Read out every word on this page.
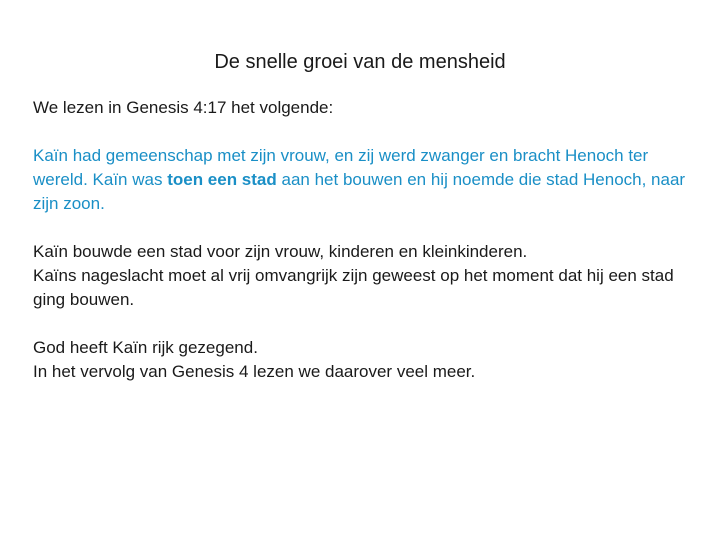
De snelle groei van de mensheid

We lezen in Genesis 4:17 het volgende:

Kaïn had gemeenschap met zijn vrouw, en zij werd zwanger en bracht Henoch ter wereld. Kaïn was toen een stad aan het bouwen en hij noemde die stad Henoch, naar zijn zoon.

Kaïn bouwde een stad voor zijn vrouw, kinderen en kleinkinderen.

Kaïns nageslacht moet al vrij omvangrijk zijn geweest op het moment dat hij een stad ging bouwen.

God heeft Kaïn rijk gezegend.

In het vervolg van Genesis 4 lezen we daarover veel meer.
